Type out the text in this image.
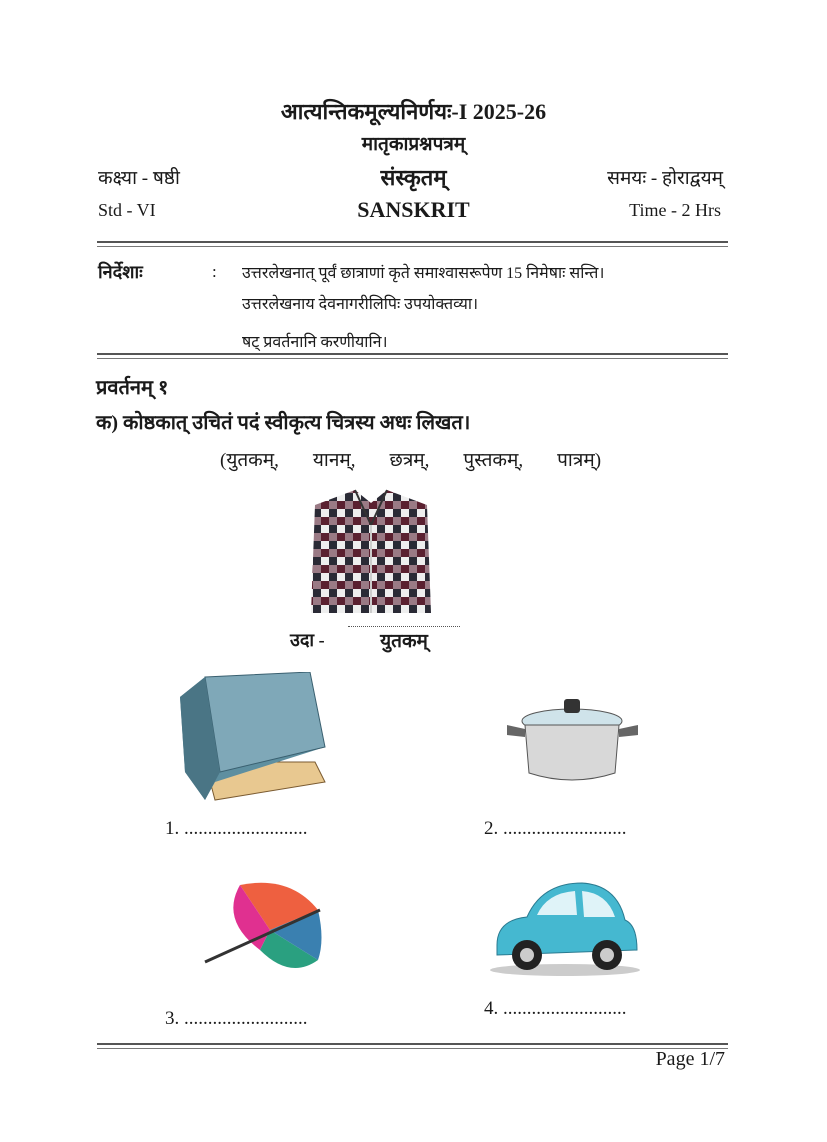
आत्यन्तिकमूल्यनिर्णयः-I 2025-26
मातृकाप्रश्नपत्रम्
कक्ष्या - षष्ठी	संस्कृतम्	समयः - होराद्वयम्
Std - VI	SANSKRIT	Time - 2 Hrs
निर्देशाः	: उत्तरलेखनात् पूर्वं छात्राणां कृते समाश्वासरूपेण 15 निमेषाः सन्ति।
उत्तरलेखनाय देवनागरीलिपिः उपयोक्तव्या।
षट् प्रवर्तनानि करणीयानि।
प्रवर्तनम् १
क) कोष्ठकात् उचितं पदं स्वीकृत्य चित्रस्य अधः लिखत।
(युतकम्, यानम्, छत्रम्, पुस्तकम्, पात्रम्)
उदा -	युतकम्
1. ..........................	2. ..........................
3. ..........................	4. ..........................
Page 1/7
